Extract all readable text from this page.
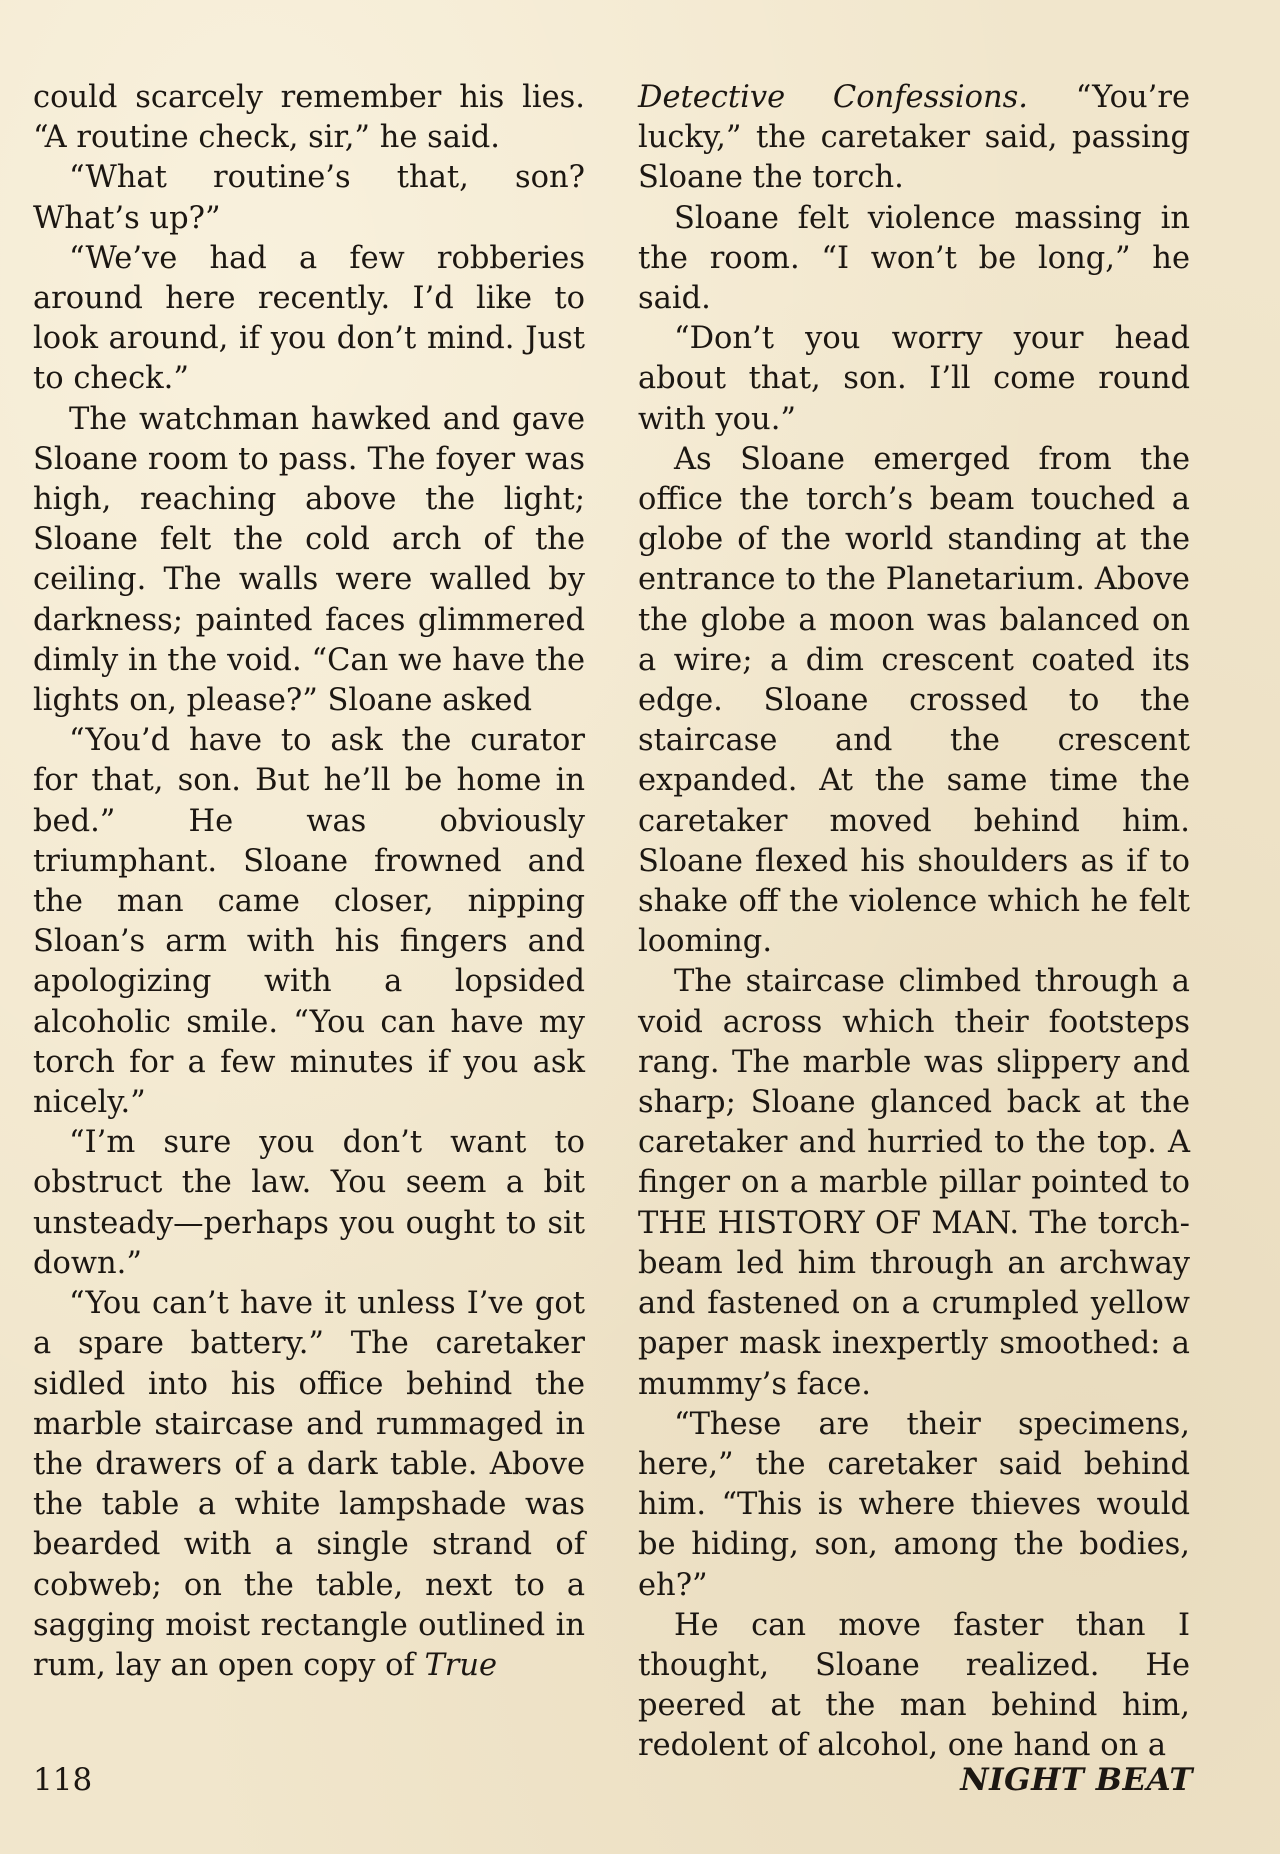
could scarcely remember his lies. “A routine check, sir,” he said.

“What routine’s that, son? What’s up?”

“We’ve had a few robberies around here recently. I’d like to look around, if you don’t mind. Just to check.”

The watchman hawked and gave Sloane room to pass. The foyer was high, reaching above the light; Sloane felt the cold arch of the ceiling. The walls were walled by darkness; painted faces glimmered dimly in the void. “Can we have the lights on, please?” Sloane asked

“You’d have to ask the curator for that, son. But he’ll be home in bed.” He was obviously triumphant. Sloane frowned and the man came closer, nipping Sloan’s arm with his fingers and apologizing with a lopsided alcoholic smile. “You can have my torch for a few minutes if you ask nicely.”

“I’m sure you don’t want to obstruct the law. You seem a bit unsteady—perhaps you ought to sit down.”

“You can’t have it unless I’ve got a spare battery.” The caretaker sidled into his office behind the marble staircase and rummaged in the drawers of a dark table. Above the table a white lampshade was bearded with a single strand of cobweb; on the table, next to a sagging moist rectangle outlined in rum, lay an open copy of True

Detective Confessions. “You’re lucky,” the caretaker said, passing Sloane the torch.

Sloane felt violence massing in the room. “I won’t be long,” he said.

“Don’t you worry your head about that, son. I’ll come round with you.”

As Sloane emerged from the office the torch’s beam touched a globe of the world standing at the entrance to the Planetarium. Above the globe a moon was balanced on a wire; a dim crescent coated its edge. Sloane crossed to the staircase and the crescent expanded. At the same time the caretaker moved behind him. Sloane flexed his shoulders as if to shake off the violence which he felt looming.

The staircase climbed through a void across which their footsteps rang. The marble was slippery and sharp; Sloane glanced back at the caretaker and hurried to the top. A finger on a marble pillar pointed to THE HISTORY OF MAN. The torch-beam led him through an archway and fastened on a crumpled yellow paper mask inexpertly smoothed: a mummy’s face.

“These are their specimens, here,” the caretaker said behind him. “This is where thieves would be hiding, son, among the bodies, eh?”

He can move faster than I thought, Sloane realized. He peered at the man behind him, redolent of alcohol, one hand on a

118	NIGHT BEAT
